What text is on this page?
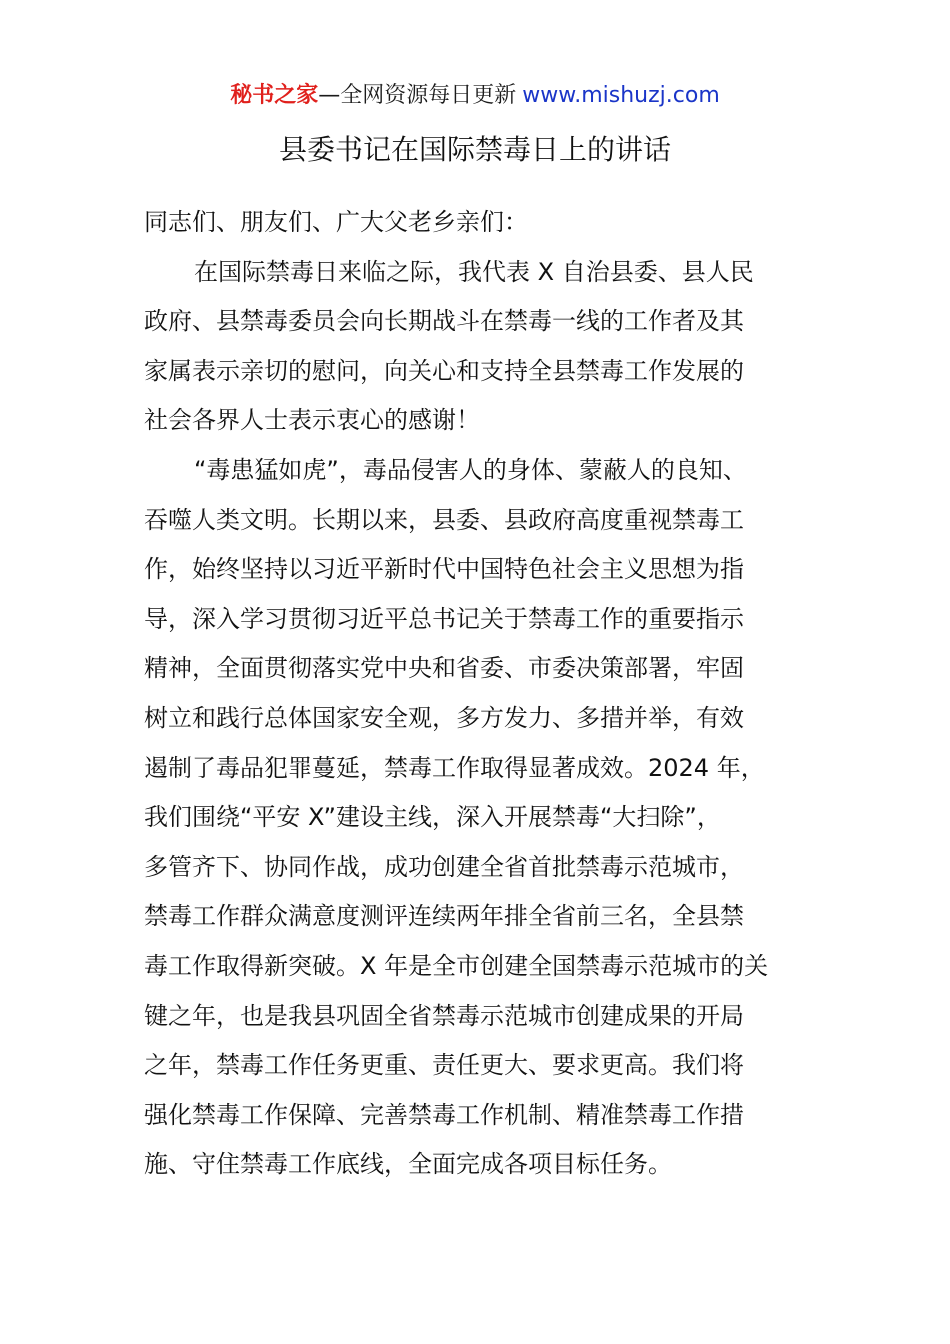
秘书之家—全网资源每日更新 www.mishuzj.com
县委书记在国际禁毒日上的讲话
同志们、朋友们、广大父老乡亲们：
在国际禁毒日来临之际，我代表 X 自治县委、县人民
政府、县禁毒委员会向长期战斗在禁毒一线的工作者及其
家属表示亲切的慰问，向关心和支持全县禁毒工作发展的
社会各界人士表示衷心的感谢！
“毒患猛如虎”，毒品侵害人的身体、蒙蔽人的良知、
吞噬人类文明。长期以来，县委、县政府高度重视禁毒工
作，始终坚持以习近平新时代中国特色社会主义思想为指
导，深入学习贯彻习近平总书记关于禁毒工作的重要指示
精神，全面贯彻落实党中央和省委、市委决策部署，牢固
树立和践行总体国家安全观，多方发力、多措并举，有效
遏制了毒品犯罪蔓延，禁毒工作取得显著成效。2024 年，
我们围绕“平安 X”建设主线，深入开展禁毒“大扫除”，
多管齐下、协同作战，成功创建全省首批禁毒示范城市，
禁毒工作群众满意度测评连续两年排全省前三名，全县禁
毒工作取得新突破。X 年是全市创建全国禁毒示范城市的关
键之年，也是我县巩固全省禁毒示范城市创建成果的开局
之年，禁毒工作任务更重、责任更大、要求更高。我们将
强化禁毒工作保障、完善禁毒工作机制、精准禁毒工作措
施、守住禁毒工作底线，全面完成各项目标任务。
